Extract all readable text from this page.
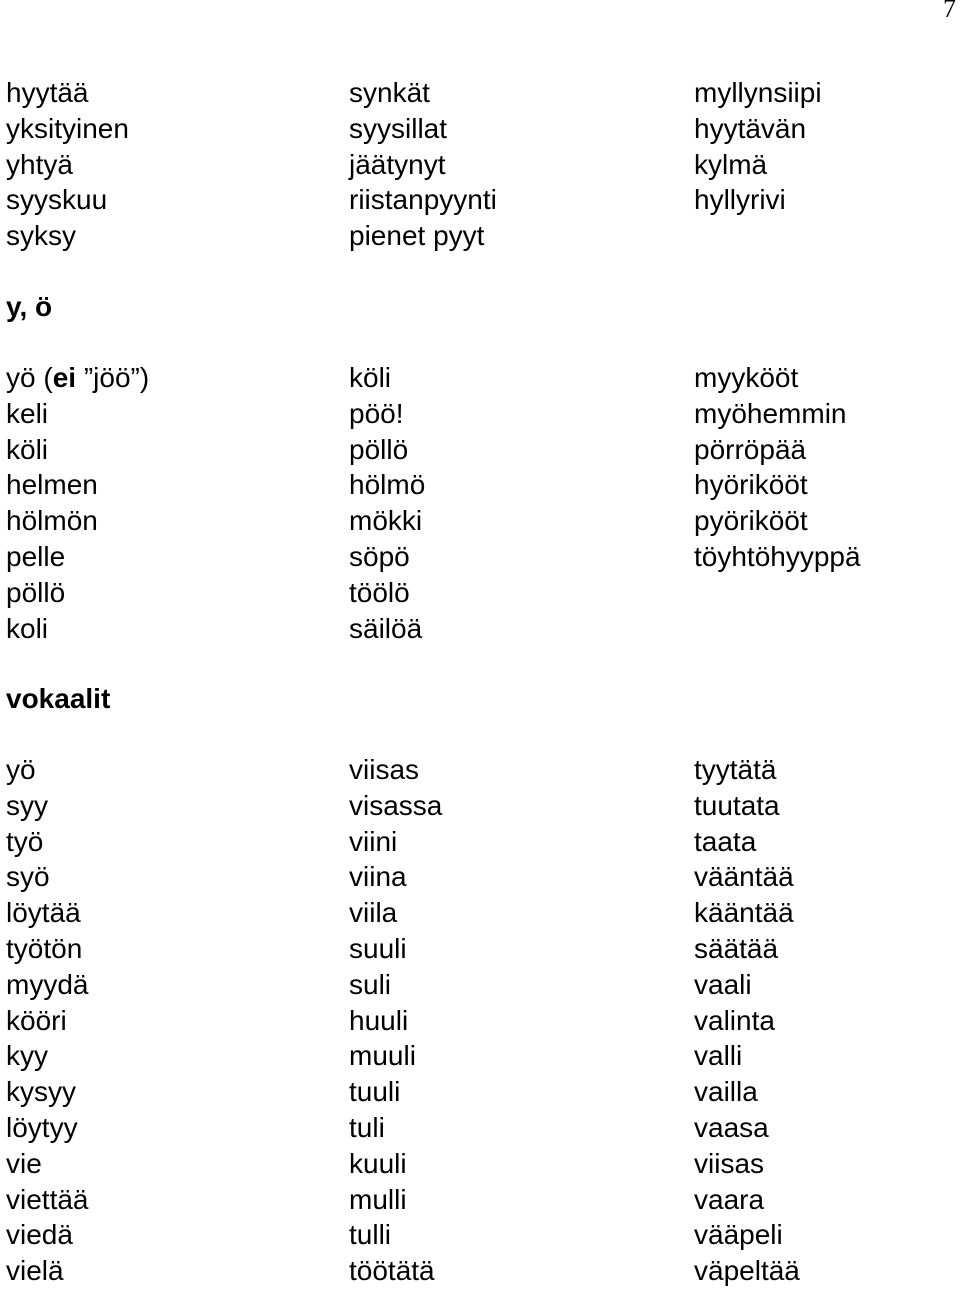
7
hyytää	synkät	myllynsiipi
yksityinen	syysillat	hyytävän
yhtyä	jäätynyt	kylmä
syyskuu	riistanpyynti	hyllyrivi
syksy	pienet pyyt
y, ö
yö (ei ”jöö”)	köli	myykööt
keli	pöö!	myöhemmin
köli	pöllö	pörröpää
helmen	hölmö	hyörikööt
hölmön	mökki	pyörikööt
pelle	söpö	töyhtöhyyppä
pöllö	töölö
koli	säilöä
vokaalit
yö	viisas	tyytätä
syy	visassa	tuutata
työ	viini	taata
syö	viina	vääntää
löytää	viila	kääntää
työtön	suuli	säätää
myydä	suli	vaali
kööri	huuli	valinta
kyy	muuli	valli
kysyy	tuuli	vailla
löytyy	tuli	vaasa
vie	kuuli	viisas
viettää	mulli	vaara
viedä	tulli	vääpeli
vielä	töötätä	väpeltää
